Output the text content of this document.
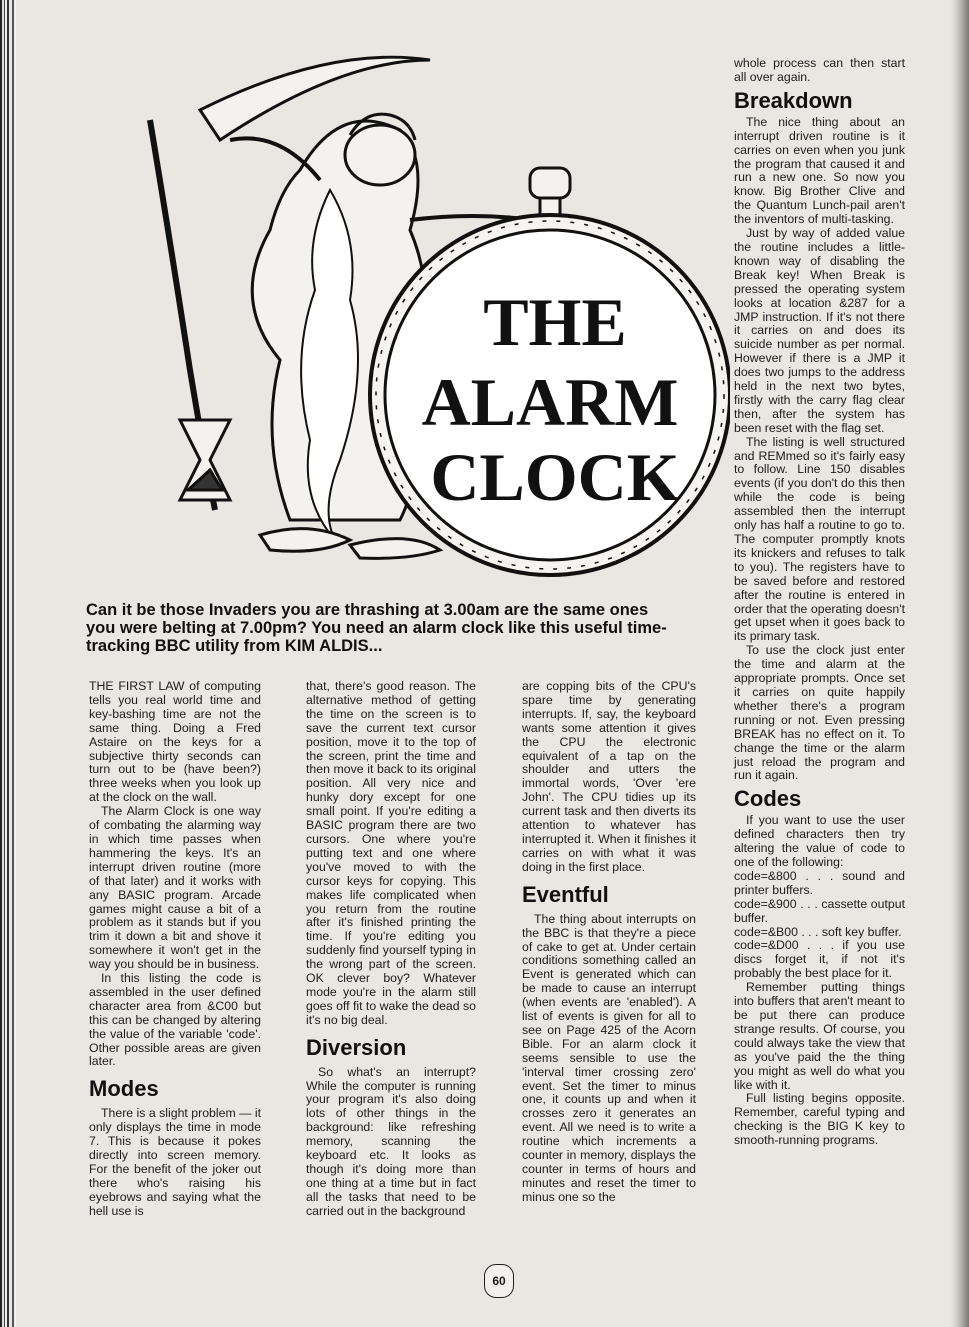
THE
ALARM
CLOCK
Can it be those Invaders you are thrashing at 3.00am are the same ones you were belting at 7.00pm? You need an alarm clock like this useful time-tracking BBC utility from KIM ALDIS...

THE FIRST LAW of computing tells you real world time and key-bashing time are not the same thing. Doing a Fred Astaire on the keys for a subjective thirty seconds can turn out to be (have been?) three weeks when you look up at the clock on the wall.

The Alarm Clock is one way of combating the alarming way in which time passes when hammering the keys. It's an interrupt driven routine (more of that later) and it works with any BASIC program. Arcade games might cause a bit of a problem as it stands but if you trim it down a bit and shove it somewhere it won't get in the way you should be in business.

In this listing the code is assembled in the user defined character area from &C00 but this can be changed by altering the value of the variable 'code'. Other possible areas are given later.

Modes

There is a slight problem — it only displays the time in mode 7. This is because it pokes directly into screen memory. For the benefit of the joker out there who's raising his eyebrows and saying what the hell use is

that, there's good reason. The alternative method of getting the time on the screen is to save the current text cursor position, move it to the top of the screen, print the time and then move it back to its original position. All very nice and hunky dory except for one small point. If you're editing a BASIC program there are two cursors. One where you're putting text and one where you've moved to with the cursor keys for copying. This makes life complicated when you return from the routine after it's finished printing the time. If you're editing you suddenly find yourself typing in the wrong part of the screen. OK clever boy? Whatever mode you're in the alarm still goes off fit to wake the dead so it's no big deal.

Diversion

So what's an interrupt? While the computer is running your program it's also doing lots of other things in the background: like refreshing memory, scanning the keyboard etc. It looks as though it's doing more than one thing at a time but in fact all the tasks that need to be carried out in the background

are copping bits of the CPU's spare time by generating interrupts. If, say, the keyboard wants some attention it gives the CPU the electronic equivalent of a tap on the shoulder and utters the immortal words, 'Over 'ere John'. The CPU tidies up its current task and then diverts its attention to whatever has interrupted it. When it finishes it carries on with what it was doing in the first place.

Eventful

The thing about interrupts on the BBC is that they're a piece of cake to get at. Under certain conditions something called an Event is generated which can be made to cause an interrupt (when events are 'enabled'). A list of events is given for all to see on Page 425 of the Acorn Bible. For an alarm clock it seems sensible to use the 'interval timer crossing zero' event. Set the timer to minus one, it counts up and when it crosses zero it generates an event. All we need is to write a routine which increments a counter in memory, displays the counter in terms of hours and minutes and reset the timer to minus one so the

whole process can then start all over again.

Breakdown

The nice thing about an interrupt driven routine is it carries on even when you junk the program that caused it and run a new one. So now you know. Big Brother Clive and the Quantum Lunch-pail aren't the inventors of multi-tasking.

Just by way of added value the routine includes a little-known way of disabling the Break key! When Break is pressed the operating system looks at location &287 for a JMP instruction. If it's not there it carries on and does its suicide number as per normal. However if there is a JMP it does two jumps to the address held in the next two bytes, firstly with the carry flag clear then, after the system has been reset with the flag set.

The listing is well structured and REMmed so it's fairly easy to follow. Line 150 disables events (if you don't do this then while the code is being assembled then the interrupt only has half a routine to go to. The computer promptly knots its knickers and refuses to talk to you). The registers have to be saved before and restored after the routine is entered in order that the operating doesn't get upset when it goes back to its primary task.

To use the clock just enter the time and alarm at the appropriate prompts. Once set it carries on quite happily whether there's a program running or not. Even pressing BREAK has no effect on it. To change the time or the alarm just reload the program and run it again.

Codes

If you want to use the user defined characters then try altering the value of code to one of the following:

code=&800 . . . sound and printer buffers.

code=&900 . . . cassette output buffer.

code=&B00 . . . soft key buffer.

code=&D00 . . . if you use discs forget it, if not it's probably the best place for it.

Remember putting things into buffers that aren't meant to be put there can produce strange results. Of course, you could always take the view that as you've paid the the thing you might as well do what you like with it.

Full listing begins opposite. Remember, careful typing and checking is the BIG K key to smooth-running programs.

60
